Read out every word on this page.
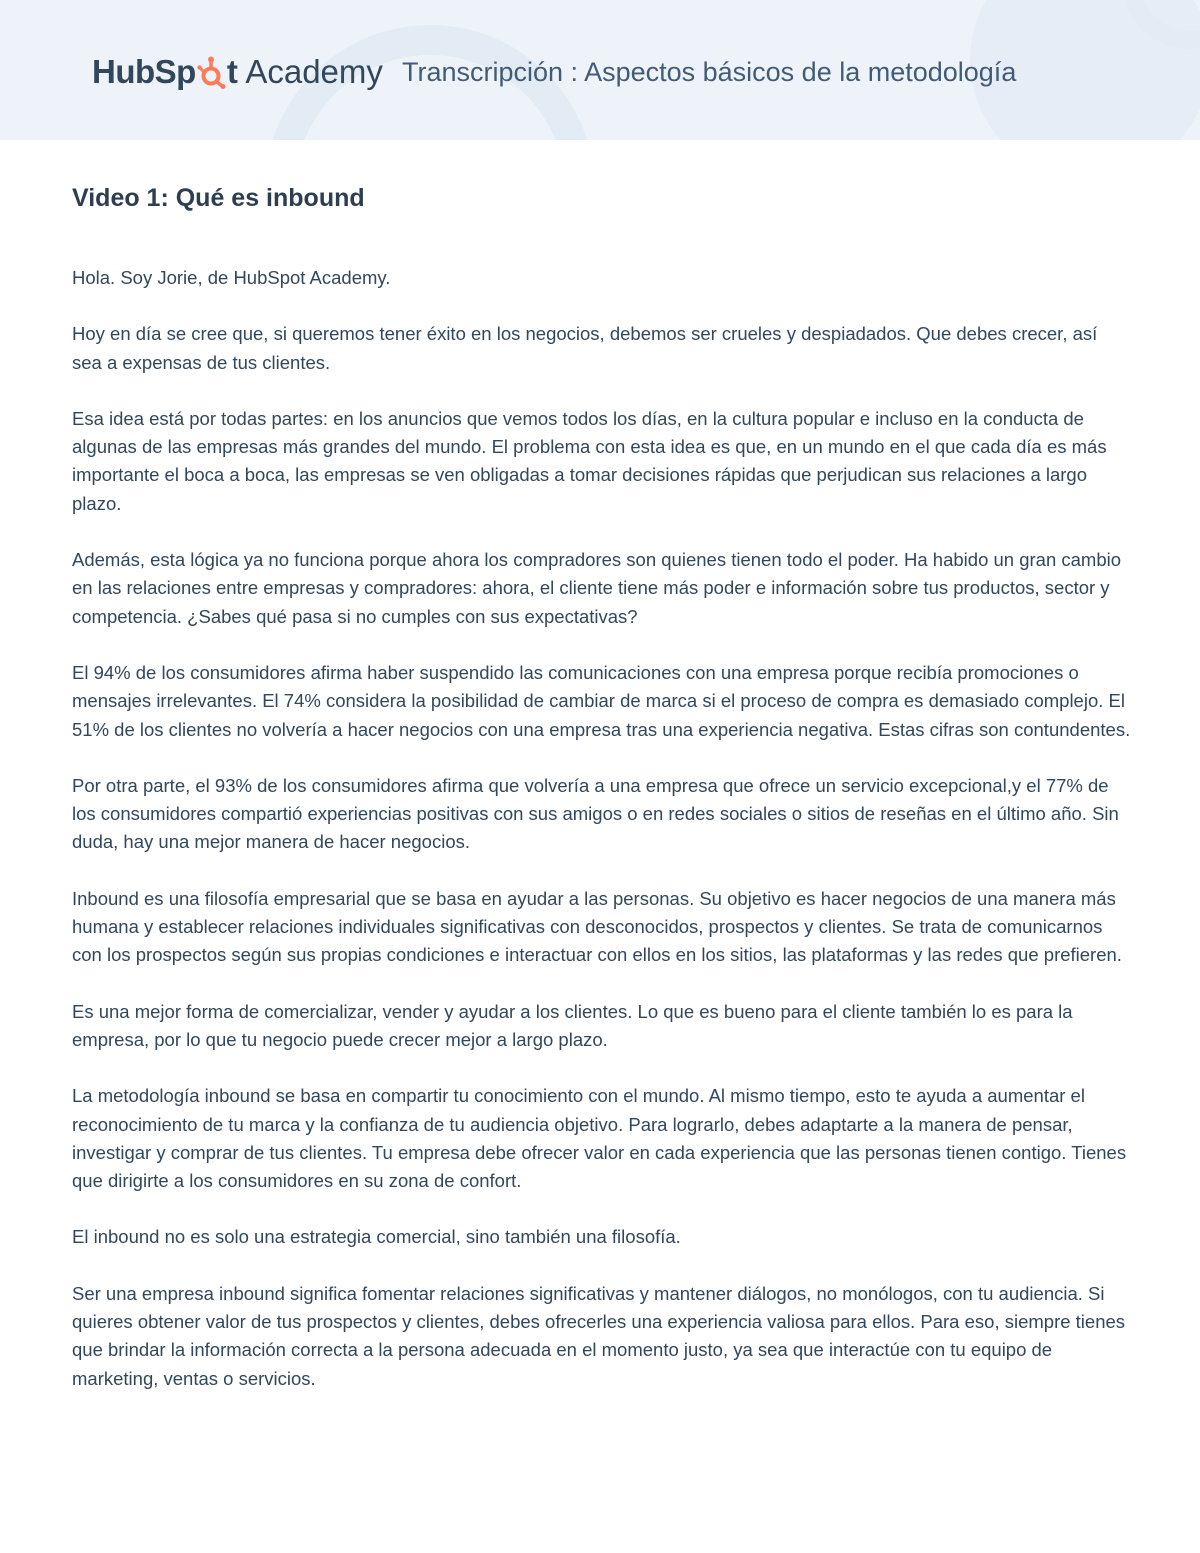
HubSp t Academy Transcripción : Aspectos básicos de la metodología
Video 1: Qué es inbound

Hola. Soy Jorie, de HubSpot Academy.

Hoy en día se cree que, si queremos tener éxito en los negocios, debemos ser crueles y despiadados. Que debes crecer, así sea a expensas de tus clientes.

Esa idea está por todas partes: en los anuncios que vemos todos los días, en la cultura popular e incluso en la conducta de algunas de las empresas más grandes del mundo. El problema con esta idea es que, en un mundo en el que cada día es más importante el boca a boca, las empresas se ven obligadas a tomar decisiones rápidas que perjudican sus relaciones a largo plazo.

Además, esta lógica ya no funciona porque ahora los compradores son quienes tienen todo el poder. Ha habido un gran cambio en las relaciones entre empresas y compradores: ahora, el cliente tiene más poder e información sobre tus productos, sector y competencia. ¿Sabes qué pasa si no cumples con sus expectativas?

El 94% de los consumidores afirma haber suspendido las comunicaciones con una empresa porque recibía promociones o mensajes irrelevantes. El 74% considera la posibilidad de cambiar de marca si el proceso de compra es demasiado complejo. El 51% de los clientes no volvería a hacer negocios con una empresa tras una experiencia negativa. Estas cifras son contundentes.

Por otra parte, el 93% de los consumidores afirma que volvería a una empresa que ofrece un servicio excepcional,y el 77% de los consumidores compartió experiencias positivas con sus amigos o en redes sociales o sitios de reseñas en el último año. Sin duda, hay una mejor manera de hacer negocios.

Inbound es una filosofía empresarial que se basa en ayudar a las personas. Su objetivo es hacer negocios de una manera más humana y establecer relaciones individuales significativas con desconocidos, prospectos y clientes. Se trata de comunicarnos con los prospectos según sus propias condiciones e interactuar con ellos en los sitios, las plataformas y las redes que prefieren.

Es una mejor forma de comercializar, vender y ayudar a los clientes. Lo que es bueno para el cliente también lo es para la empresa, por lo que tu negocio puede crecer mejor a largo plazo.

La metodología inbound se basa en compartir tu conocimiento con el mundo. Al mismo tiempo, esto te ayuda a aumentar el reconocimiento de tu marca y la confianza de tu audiencia objetivo. Para lograrlo, debes adaptarte a la manera de pensar, investigar y comprar de tus clientes. Tu empresa debe ofrecer valor en cada experiencia que las personas tienen contigo. Tienes que dirigirte a los consumidores en su zona de confort.

El inbound no es solo una estrategia comercial, sino también una filosofía.

Ser una empresa inbound significa fomentar relaciones significativas y mantener diálogos, no monólogos, con tu audiencia. Si quieres obtener valor de tus prospectos y clientes, debes ofrecerles una experiencia valiosa para ellos. Para eso, siempre tienes que brindar la información correcta a la persona adecuada en el momento justo, ya sea que interactúe con tu equipo de marketing, ventas o servicios.
